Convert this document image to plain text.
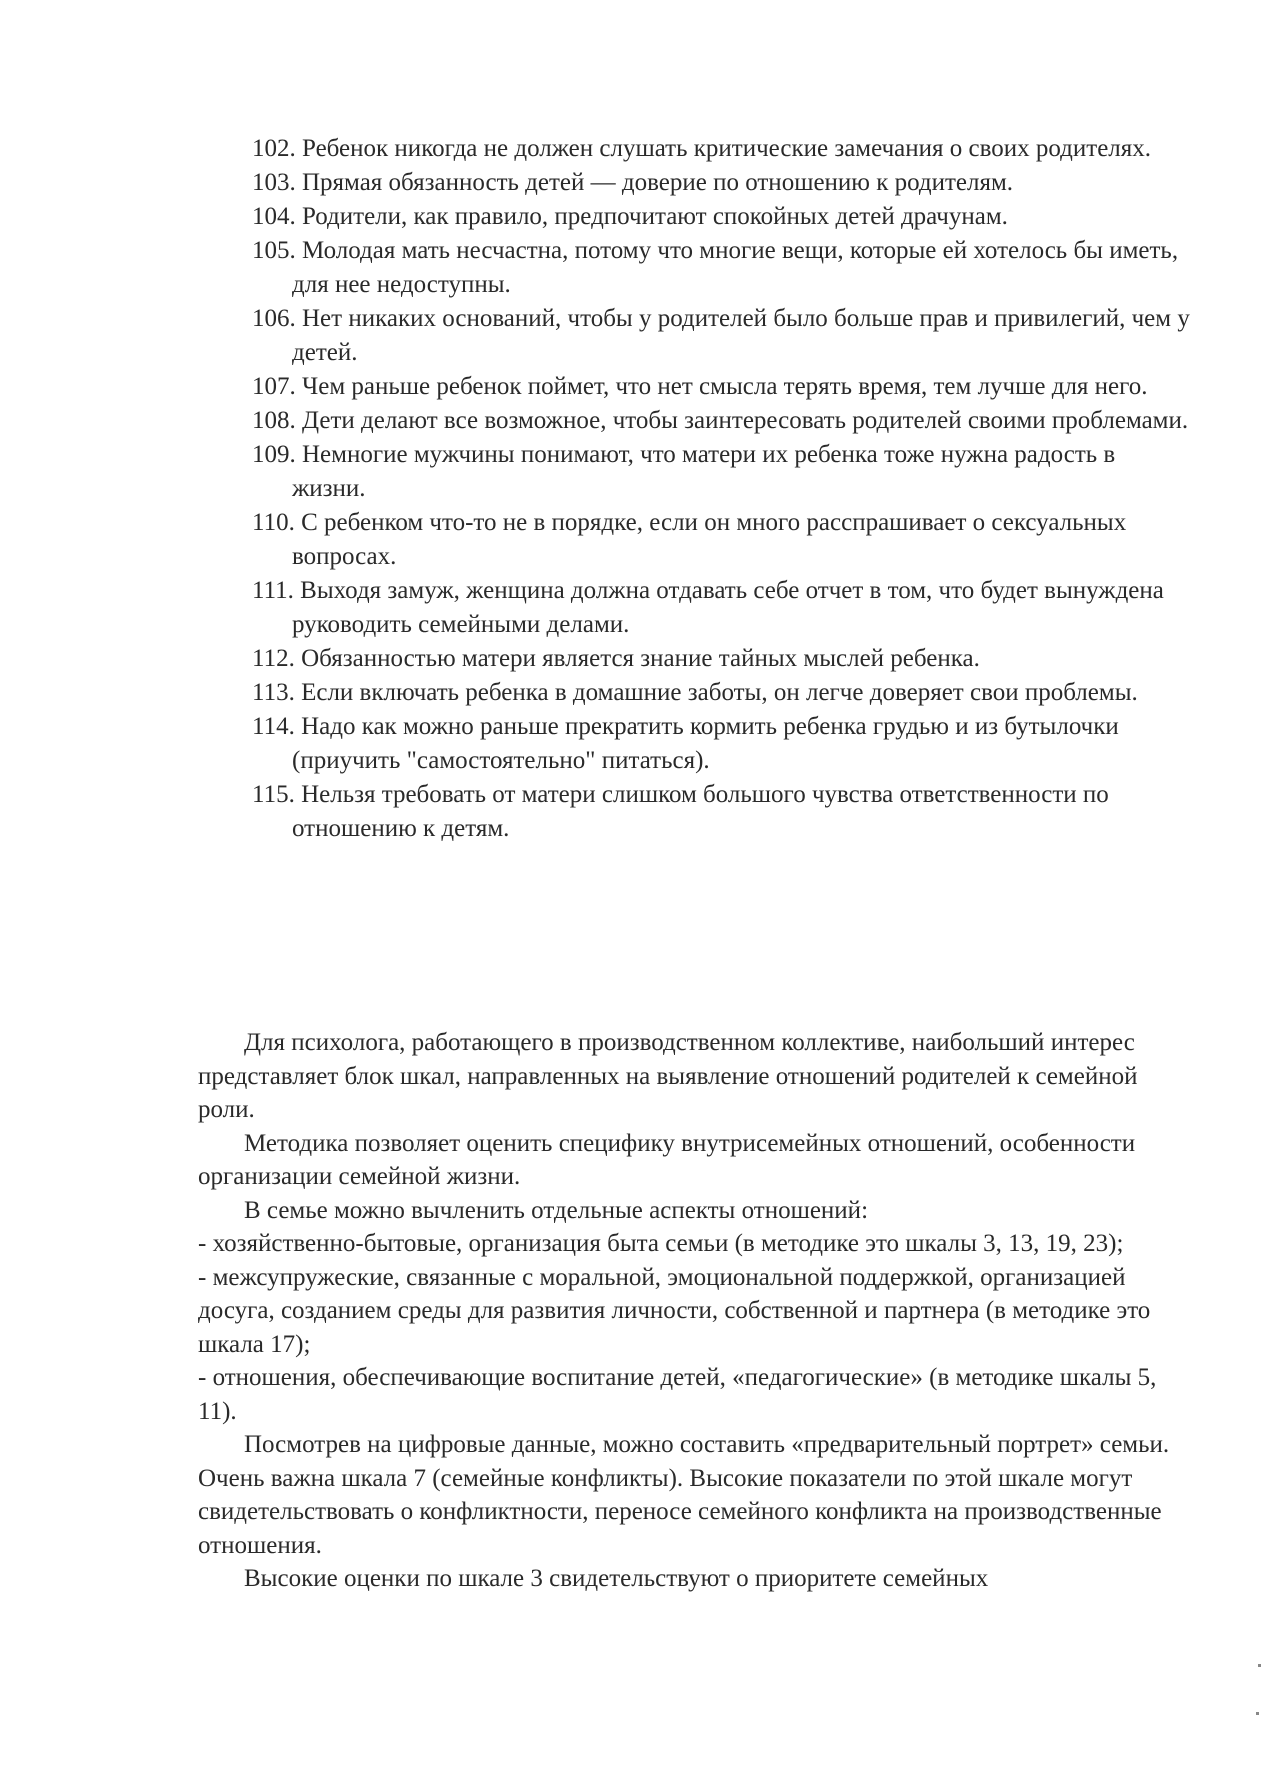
102. Ребенок никогда не должен слушать критические замечания о своих родителях.
103. Прямая обязанность детей — доверие по отношению к родителям.
104. Родители, как правило, предпочитают спокойных детей драчунам.
105. Молодая мать несчастна, потому что многие вещи, которые ей хотелось бы иметь, для нее недоступны.
106. Нет никаких оснований, чтобы у родителей было больше прав и привилегий, чем у детей.
107. Чем раньше ребенок поймет, что нет смысла терять время, тем лучше для него.
108. Дети делают все возможное, чтобы заинтересовать родителей своими проблемами.
109. Немногие мужчины понимают, что матери их ребенка тоже нужна радость в жизни.
110. С ребенком что-то не в порядке, если он много расспрашивает о сексуальных вопросах.
111. Выходя замуж, женщина должна отдавать себе отчет в том, что будет вынуждена руководить семейными делами.
112. Обязанностью матери является знание тайных мыслей ребенка.
113. Если включать ребенка в домашние заботы, он легче доверяет свои проблемы.
114. Надо как можно раньше прекратить кормить ребенка грудью и из бутылочки (приучить "самостоятельно" питаться).
115. Нельзя требовать от матери слишком большого чувства ответственности по отношению к детям.

Для психолога, работающего в производственном коллективе, наибольший интерес представляет блок шкал, направленных на выявление отношений родителей к семейной роли.

Методика позволяет оценить специфику внутрисемейных отношений, особенности организации семейной жизни.

В семье можно вычленить отдельные аспекты отношений:

- хозяйственно-бытовые, организация быта семьи (в методике это шкалы 3, 13, 19, 23);

- межсупружеские, связанные с моральной, эмоциональной поддержкой, организацией досуга, созданием среды для развития личности, собственной и партнера (в методике это шкала 17);

- отношения, обеспечивающие воспитание детей, «педагогические» (в методике шкалы 5, 11).

Посмотрев на цифровые данные, можно составить «предварительный портрет» семьи. Очень важна шкала 7 (семейные конфликты). Высокие показатели по этой шкале могут свидетельствовать о конфликтности, переносе семейного конфликта на производственные отношения.

Высокие оценки по шкале 3 свидетельствуют о приоритете семейных
